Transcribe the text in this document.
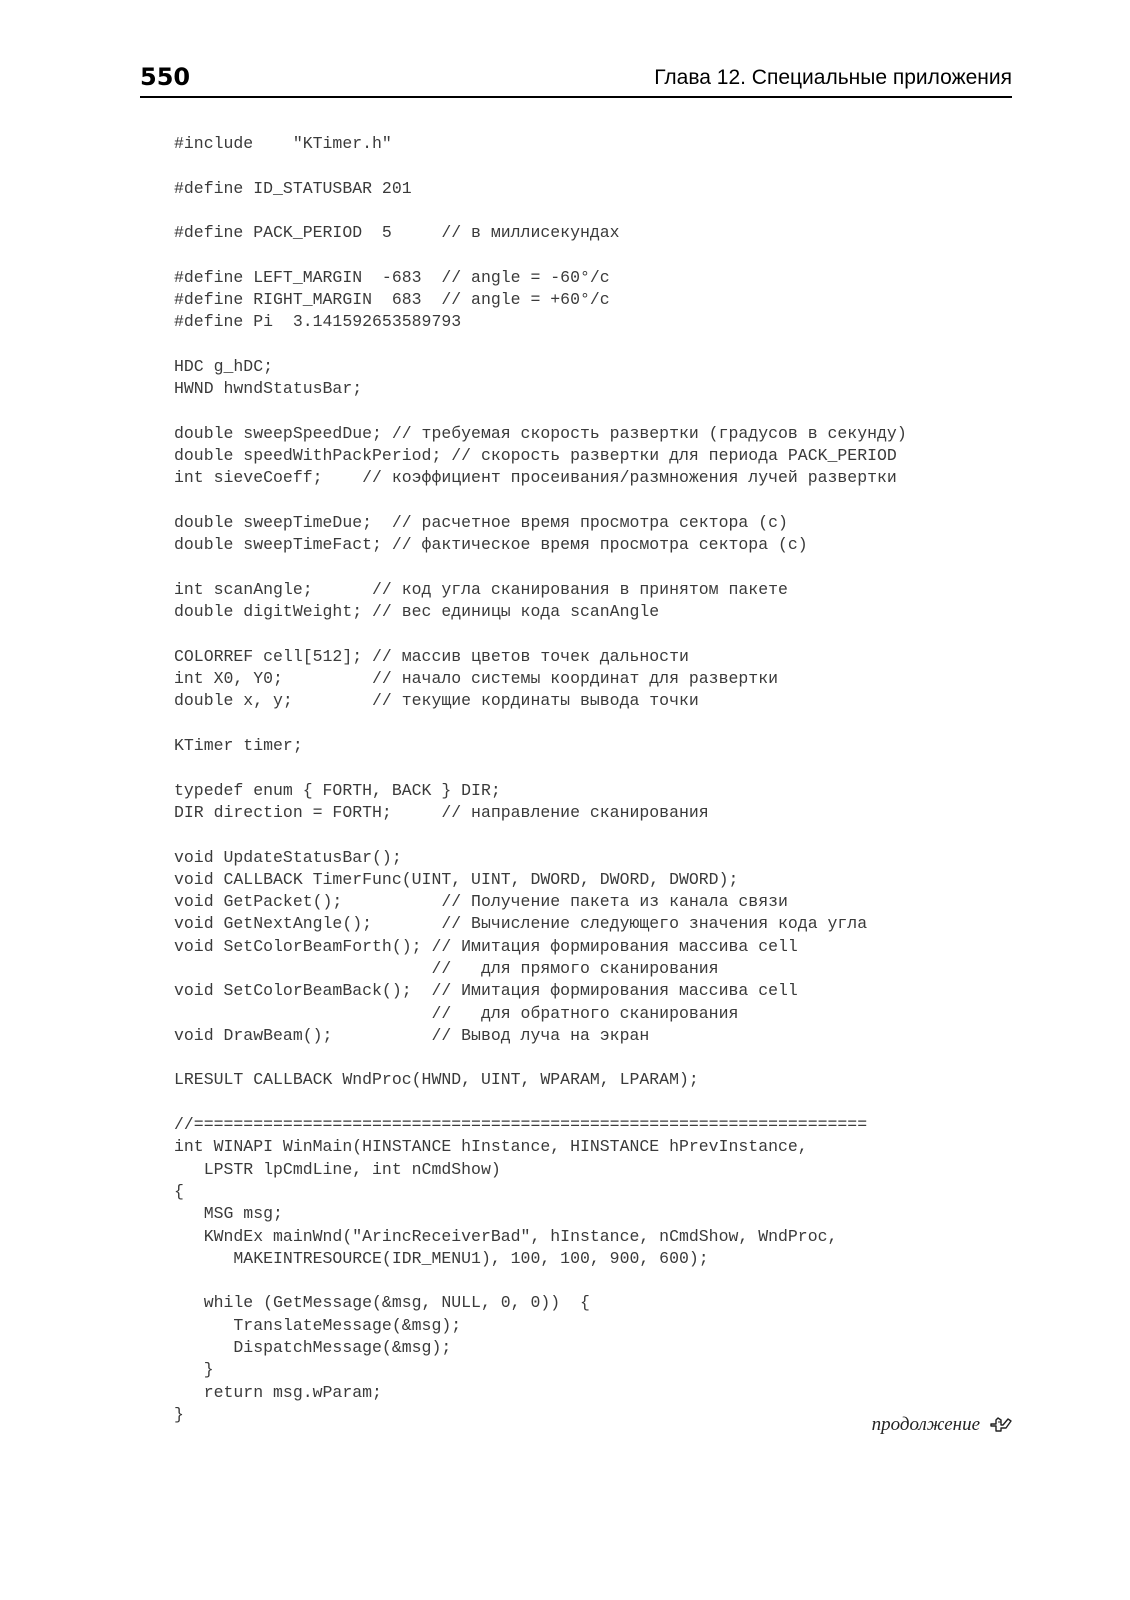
550	Глава 12. Специальные приложения
#include    "KTimer.h"
#define ID_STATUSBAR 201
#define PACK_PERIOD  5     // в миллисекундах
#define LEFT_MARGIN  -683  // angle = -60°/c
#define RIGHT_MARGIN  683  // angle = +60°/c
#define Pi  3.141592653589793
HDC g_hDC;
HWND hwndStatusBar;
double sweepSpeedDue; // требуемая скорость развертки (градусов в секунду)
double speedWithPackPeriod; // скорость развертки для периода PACK_PERIOD
int sieveCoeff;    // коэффициент просеивания/размножения лучей развертки
double sweepTimeDue;  // расчетное время просмотра сектора (с)
double sweepTimeFact; // фактическое время просмотра сектора (с)
int scanAngle;      // код угла сканирования в принятом пакете
double digitWeight; // вес единицы кода scanAngle
COLORREF cell[512]; // массив цветов точек дальности
int X0, Y0;         // начало системы координат для развертки
double x, y;        // текущие кординаты вывода точки
KTimer timer;
typedef enum { FORTH, BACK } DIR;
DIR direction = FORTH;     // направление сканирования
void UpdateStatusBar();
void CALLBACK TimerFunc(UINT, UINT, DWORD, DWORD, DWORD);
void GetPacket();          // Получение пакета из канала связи
void GetNextAngle();       // Вычисление следующего значения кода угла
void SetColorBeamForth(); // Имитация формирования массива cell
//   для прямого сканирования
void SetColorBeamBack();  // Имитация формирования массива cell
//   для обратного сканирования
void DrawBeam();          // Вывод луча на экран
LRESULT CALLBACK WndProc(HWND, UINT, WPARAM, LPARAM);
//====================================================================
int WINAPI WinMain(HINSTANCE hInstance, HINSTANCE hPrevInstance,
LPSTR lpCmdLine, int nCmdShow)
{
MSG msg;
KWndEx mainWnd("ArincReceiverBad", hInstance, nCmdShow, WndProc,
MAKEINTRESOURCE(IDR_MENU1), 100, 100, 900, 600);
while (GetMessage(&msg, NULL, 0, 0))  {
TranslateMessage(&msg);
DispatchMessage(&msg);
}
return msg.wParam;
}	продолжение
